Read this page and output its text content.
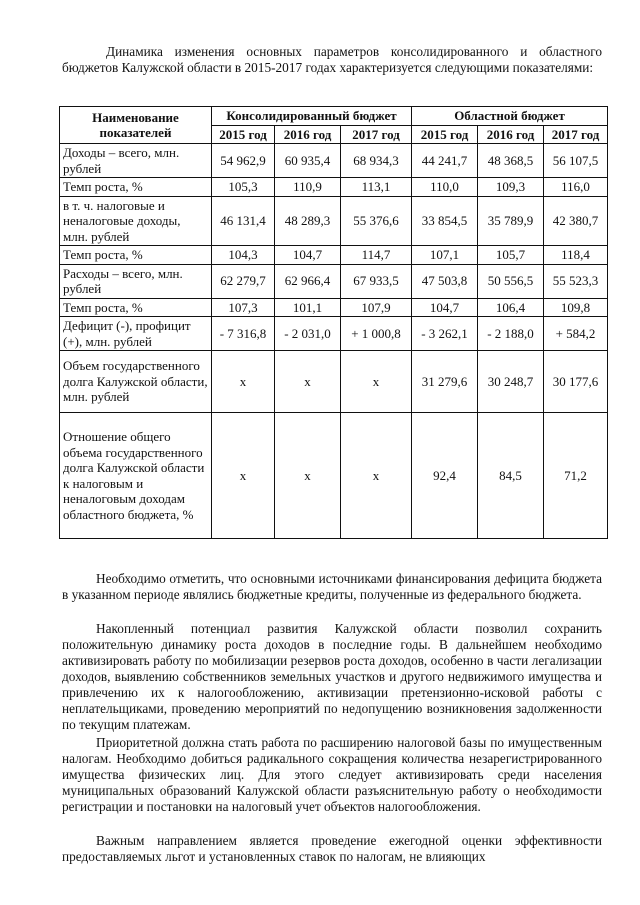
Динамика изменения основных параметров консолидированного и областного бюджетов Калужской области в 2015-2017 годах характеризуется следующими показателями:

Наименование показателей	Консолидированный бюджет			Областной бюджет		
	2015 год	2016 год	2017 год	2015 год	2016 год	2017 год
Доходы – всего, млн. рублей	54 962,9	60 935,4	68 934,3	44 241,7	48 368,5	56 107,5
Темп роста, %	105,3	110,9	113,1	110,0	109,3	116,0
в т. ч. налоговые и неналоговые доходы, млн. рублей	46 131,4	48 289,3	55 376,6	33 854,5	35 789,9	42 380,7
Темп роста, %	104,3	104,7	114,7	107,1	105,7	118,4
Расходы – всего, млн. рублей	62 279,7	62 966,4	67 933,5	47 503,8	50 556,5	55 523,3
Темп роста, %	107,3	101,1	107,9	104,7	106,4	109,8
Дефицит (-), профицит (+), млн. рублей	- 7 316,8	- 2 031,0	+ 1 000,8	- 3 262,1	- 2 188,0	+ 584,2
Объем государственного долга Калужской области, млн. рублей	x	x	x	31 279,6	30 248,7	30 177,6
Отношение общего объема государственного долга Калужской области к налоговым и неналоговым доходам областного бюджета, %	x	x	x	92,4	84,5	71,2

Необходимо отметить, что основными источниками финансирования дефицита бюджета в указанном периоде являлись бюджетные кредиты, полученные из федерального бюджета.

Накопленный потенциал развития Калужской области позволил сохранить положительную динамику роста доходов в последние годы. В дальнейшем необходимо активизировать работу по мобилизации резервов роста доходов, особенно в части легализации доходов, выявлению собственников земельных участков и другого недвижимого имущества и привлечению их к налогообложению, активизации претензионно-исковой работы с неплательщиками, проведению мероприятий по недопущению возникновения задолженности по текущим платежам.

Приоритетной должна стать работа по расширению налоговой базы по имущественным налогам. Необходимо добиться радикального сокращения количества незарегистрированного имущества физических лиц. Для этого следует активизировать среди населения муниципальных образований Калужской области разъяснительную работу о необходимости регистрации и постановки на налоговый учет объектов налогообложения.

Важным направлением является проведение ежегодной оценки эффективности предоставляемых льгот и установленных ставок по налогам, не влияющих
